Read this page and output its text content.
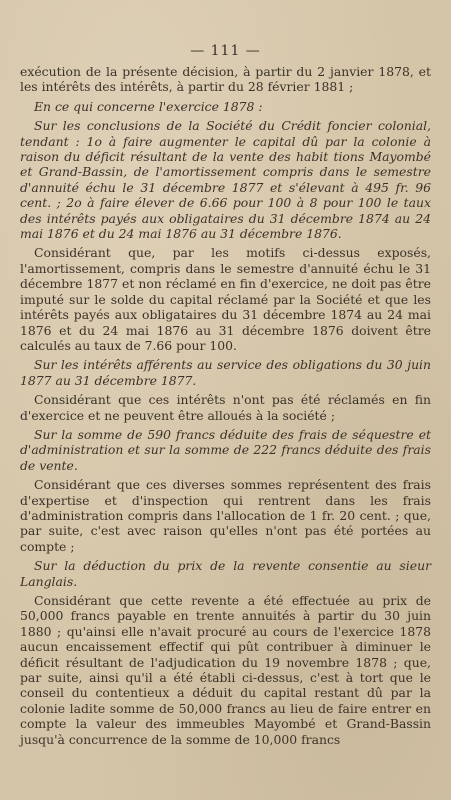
— 111 —

exécution de la présente décision, à partir du 2 janvier 1878, et les intérêts des intérêts, à partir du 28 février 1881 ;

En ce qui concerne l'exercice 1878 :

Sur les conclusions de la Société du Crédit foncier colonial, tendant : 1o à faire augmenter le capital dû par la colonie à raison du déficit résultant de la vente des habit tions Mayombé et Grand-Bassin, de l'amortissement compris dans le semestre d'annuité échu le 31 décembre 1877 et s'élevant à 495 fr. 96 cent. ; 2o à faire élever de 6.66 pour 100 à 8 pour 100 le taux des intérêts payés aux obligataires du 31 décembre 1874 au 24 mai 1876 et du 24 mai 1876 au 31 décembre 1876.

Considérant que, par les motifs ci-dessus exposés, l'amortissement, compris dans le semestre d'annuité échu le 31 décembre 1877 et non réclamé en fin d'exercice, ne doit pas être imputé sur le solde du capital réclamé par la Société et que les intérêts payés aux obligataires du 31 décembre 1874 au 24 mai 1876 et du 24 mai 1876 au 31 décembre 1876 doivent être calculés au taux de 7.66 pour 100.

Sur les intérêts afférents au service des obligations du 30 juin 1877 au 31 décembre 1877.

Considérant que ces intérêts n'ont pas été réclamés en fin d'exercice et ne peuvent être alloués à la société ;

Sur la somme de 590 francs déduite des frais de séquestre et d'administration et sur la somme de 222 francs déduite des frais de vente.

Considérant que ces diverses sommes représentent des frais d'expertise et d'inspection qui rentrent dans les frais d'administration compris dans l'allocation de 1 fr. 20 cent. ; que, par suite, c'est avec raison qu'elles n'ont pas été portées au compte ;

Sur la déduction du prix de la revente consentie au sieur Langlais.

Considérant que cette revente a été effectuée au prix de 50,000 francs payable en trente annuités à partir du 30 juin 1880 ; qu'ainsi elle n'avait procuré au cours de l'exercice 1878 aucun encaissement effectif qui pût contribuer à diminuer le déficit résultant de l'adjudication du 19 novembre 1878 ; que, par suite, ainsi qu'il a été établi ci-dessus, c'est à tort que le conseil du contentieux a déduit du capital restant dû par la colonie ladite somme de 50,000 francs au lieu de faire entrer en compte la valeur des immeubles Mayombé et Grand-Bassin jusqu'à concurrence de la somme de 10,000 francs
